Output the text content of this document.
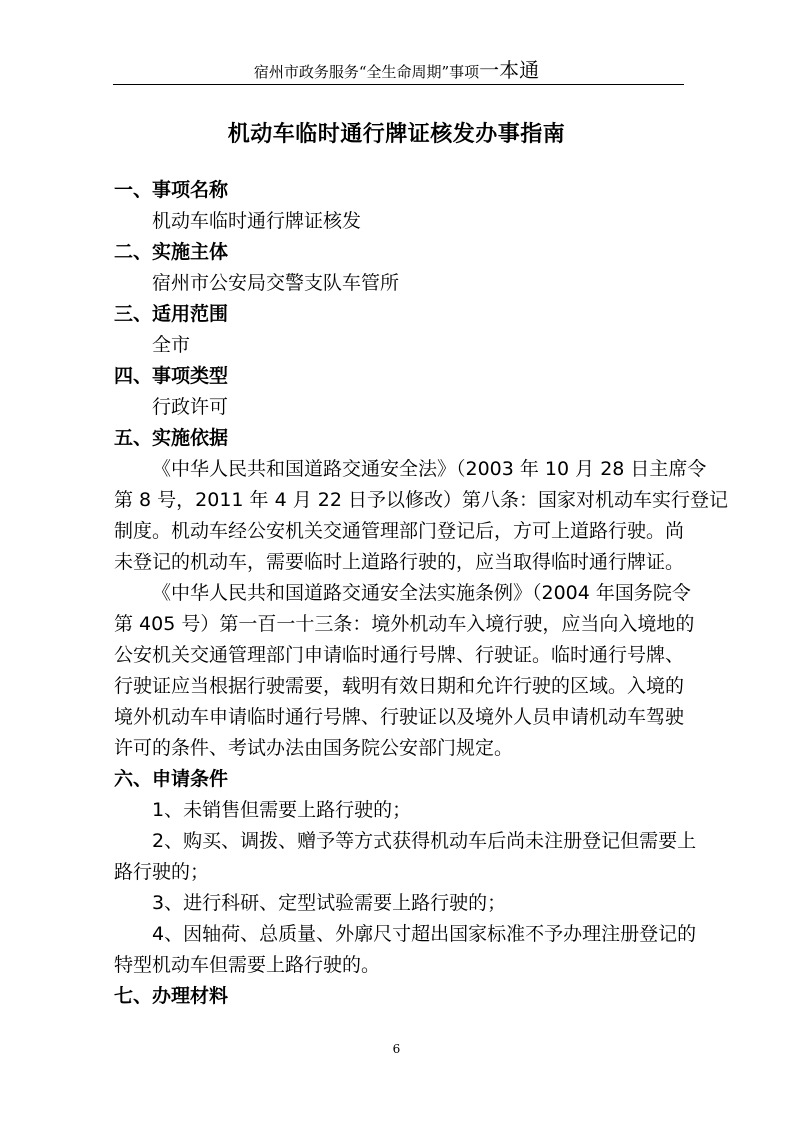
宿州市政务服务“全生命周期”事项一本通
机动车临时通行牌证核发办事指南
一、事项名称
机动车临时通行牌证核发
二、实施主体
宿州市公安局交警支队车管所
三、适用范围
全市
四、事项类型
行政许可
五、实施依据
《中华人民共和国道路交通安全法》（2003 年 10 月 28 日主席令
第 8 号，2011 年 4 月 22 日予以修改）第八条：国家对机动车实行登记
制度。机动车经公安机关交通管理部门登记后，方可上道路行驶。尚
未登记的机动车，需要临时上道路行驶的，应当取得临时通行牌证。
《中华人民共和国道路交通安全法实施条例》（2004 年国务院令
第 405 号）第一百一十三条：境外机动车入境行驶，应当向入境地的
公安机关交通管理部门申请临时通行号牌、行驶证。临时通行号牌、
行驶证应当根据行驶需要，载明有效日期和允许行驶的区域。入境的
境外机动车申请临时通行号牌、行驶证以及境外人员申请机动车驾驶
许可的条件、考试办法由国务院公安部门规定。
六、申请条件
1、未销售但需要上路行驶的；
2、购买、调拨、赠予等方式获得机动车后尚未注册登记但需要上
路行驶的；
3、进行科研、定型试验需要上路行驶的；
4、因轴荷、总质量、外廓尺寸超出国家标准不予办理注册登记的
特型机动车但需要上路行驶的。
七、办理材料
6
